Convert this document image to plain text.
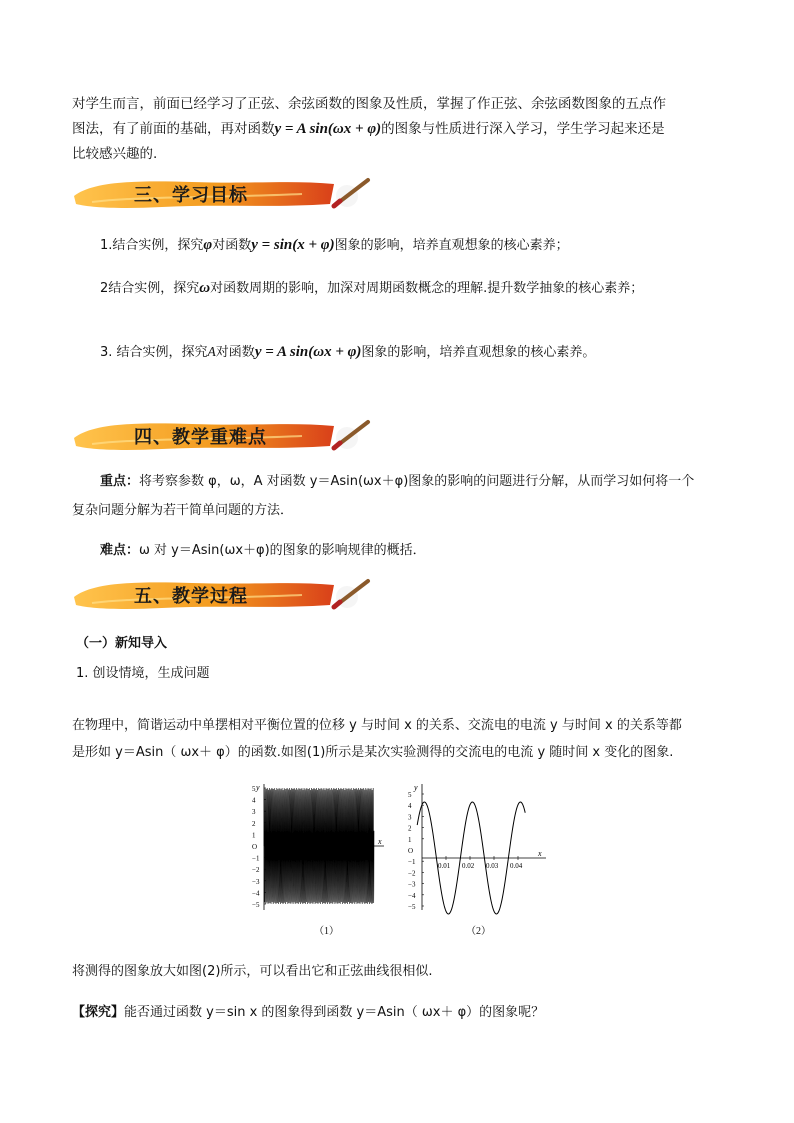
对学生而言，前面已经学习了正弦、余弦函数的图象及性质，掌握了作正弦、余弦函数图象的五点作
图法，有了前面的基础，再对函数y = A sin(ωx + φ)的图象与性质进行深入学习，学生学习起来还是
比较感兴趣的.
三、学习目标
1.结合实例，探究φ对函数y = sin(x + φ)图象的影响，培养直观想象的核心素养；
2结合实例，探究ω对函数周期的影响，加深对周期函数概念的理解.提升数学抽象的核心素养；
3. 结合实例，探究A对函数y = A sin(ωx + φ)图象的影响，培养直观想象的核心素养。
四、教学重难点
重点：将考察参数 φ，ω，A 对函数 y＝Asin(ωx＋φ)图象的影响的问题进行分解，从而学习如何将一个
复杂问题分解为若干简单问题的方法．
难点：ω 对 y＝Asin(ωx＋φ)的图象的影响规律的概括．
五、教学过程
（一）新知导入
1. 创设情境，生成问题
在物理中，简谐运动中单摆相对平衡位置的位移 y 与时间 x 的关系、交流电的电流 y 与时间 x 的关系等都
是形如 y＝Asin（ ωx＋ φ）的函数.如图(1)所示是某次实验测得的交流电的电流 y 随时间 x 变化的图象.
y
x
5
4
3
2
1
O
−1
−2
−3
−4
−5
0.1 2 3 4 5 6 7 8 9 10 11 12 13 14
（1）
y
x
5
4
3
2
1
O
−1
−2
−3
−4
−5
0.01 0.02 0.03 0.04
（2）
将测得的图象放大如图(2)所示，可以看出它和正弦曲线很相似.
【探究】能否通过函数 y＝sin x 的图象得到函数 y＝Asin（ ωx＋ φ）的图象呢？
